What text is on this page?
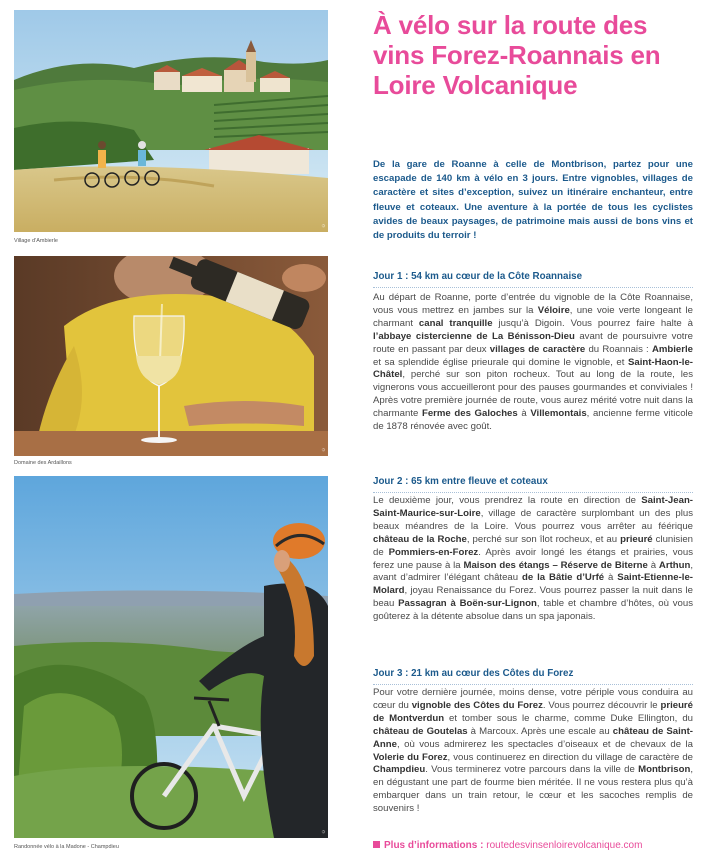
©
Village d’Ambierle
©
Domaine des Ardaillons
©
Randonnée vélo à la Madone - Champdieu
À vélo sur la route des vins Forez-Roannais en Loire Volcanique

De la gare de Roanne à celle de Montbrison, partez pour une escapade de 140 km à vélo en 3 jours. Entre vignobles, villages de caractère et sites d’exception, suivez un itinéraire enchanteur, entre fleuve et coteaux. Une aventure à la portée de tous les cyclistes avides de beaux paysages, de patrimoine mais aussi de bons vins et de produits du terroir !

Jour 1 : 54 km au cœur de la Côte Roannaise

Au départ de Roanne, porte d’entrée du vignoble de la Côte Roannaise, vous vous mettrez en jambes sur la Véloire, une voie verte longeant le charmant canal tranquille jusqu’à Digoin. Vous pourrez faire halte à l’abbaye cistercienne de La Bénisson-Dieu avant de poursuivre votre route en passant par deux villages de caractère du Roannais : Ambierle et sa splendide église prieurale qui domine le vignoble, et Saint-Haon-le-Châtel, perché sur son piton rocheux. Tout au long de la route, les vignerons vous accueilleront pour des pauses gourmandes et conviviales ! Après votre première journée de route, vous aurez mérité votre nuit dans la charmante Ferme des Galoches à Villemontais, ancienne ferme viticole de 1878 rénovée avec goût.

Jour 2 : 65 km entre fleuve et coteaux

Le deuxième jour, vous prendrez la route en direction de Saint-Jean-Saint-Maurice-sur-Loire, village de caractère surplombant un des plus beaux méandres de la Loire. Vous pourrez vous arrêter au féérique château de la Roche, perché sur son îlot rocheux, et au prieuré clunisien de Pommiers-en-Forez. Après avoir longé les étangs et prairies, vous ferez une pause à la Maison des étangs – Réserve de Biterne à Arthun, avant d’admirer l’élégant château de la Bâtie d’Urfé à Saint-Etienne-le-Molard, joyau Renaissance du Forez. Vous pourrez passer la nuit dans le beau Passagran à Boën-sur-Lignon, table et chambre d’hôtes, où vous goûterez à la détente absolue dans un spa japonais.

Jour 3 : 21 km au cœur des Côtes du Forez

Pour votre dernière journée, moins dense, votre périple vous conduira au cœur du vignoble des Côtes du Forez. Vous pourrez découvrir le prieuré de Montverdun et tomber sous le charme, comme Duke Ellington, du château de Goutelas à Marcoux. Après une escale au château de Saint-Anne, où vous admirerez les spectacles d’oiseaux et de chevaux de la Volerie du Forez, vous continuerez en direction du village de caractère de Champdieu. Vous terminerez votre parcours dans la ville de Montbrison, en dégustant une part de fourme bien méritée. Il ne vous restera plus qu’à embarquer dans un train retour, le cœur et les sacoches remplis de souvenirs !

Plus d’informations : routedesvinsenloirevolcanique.com
